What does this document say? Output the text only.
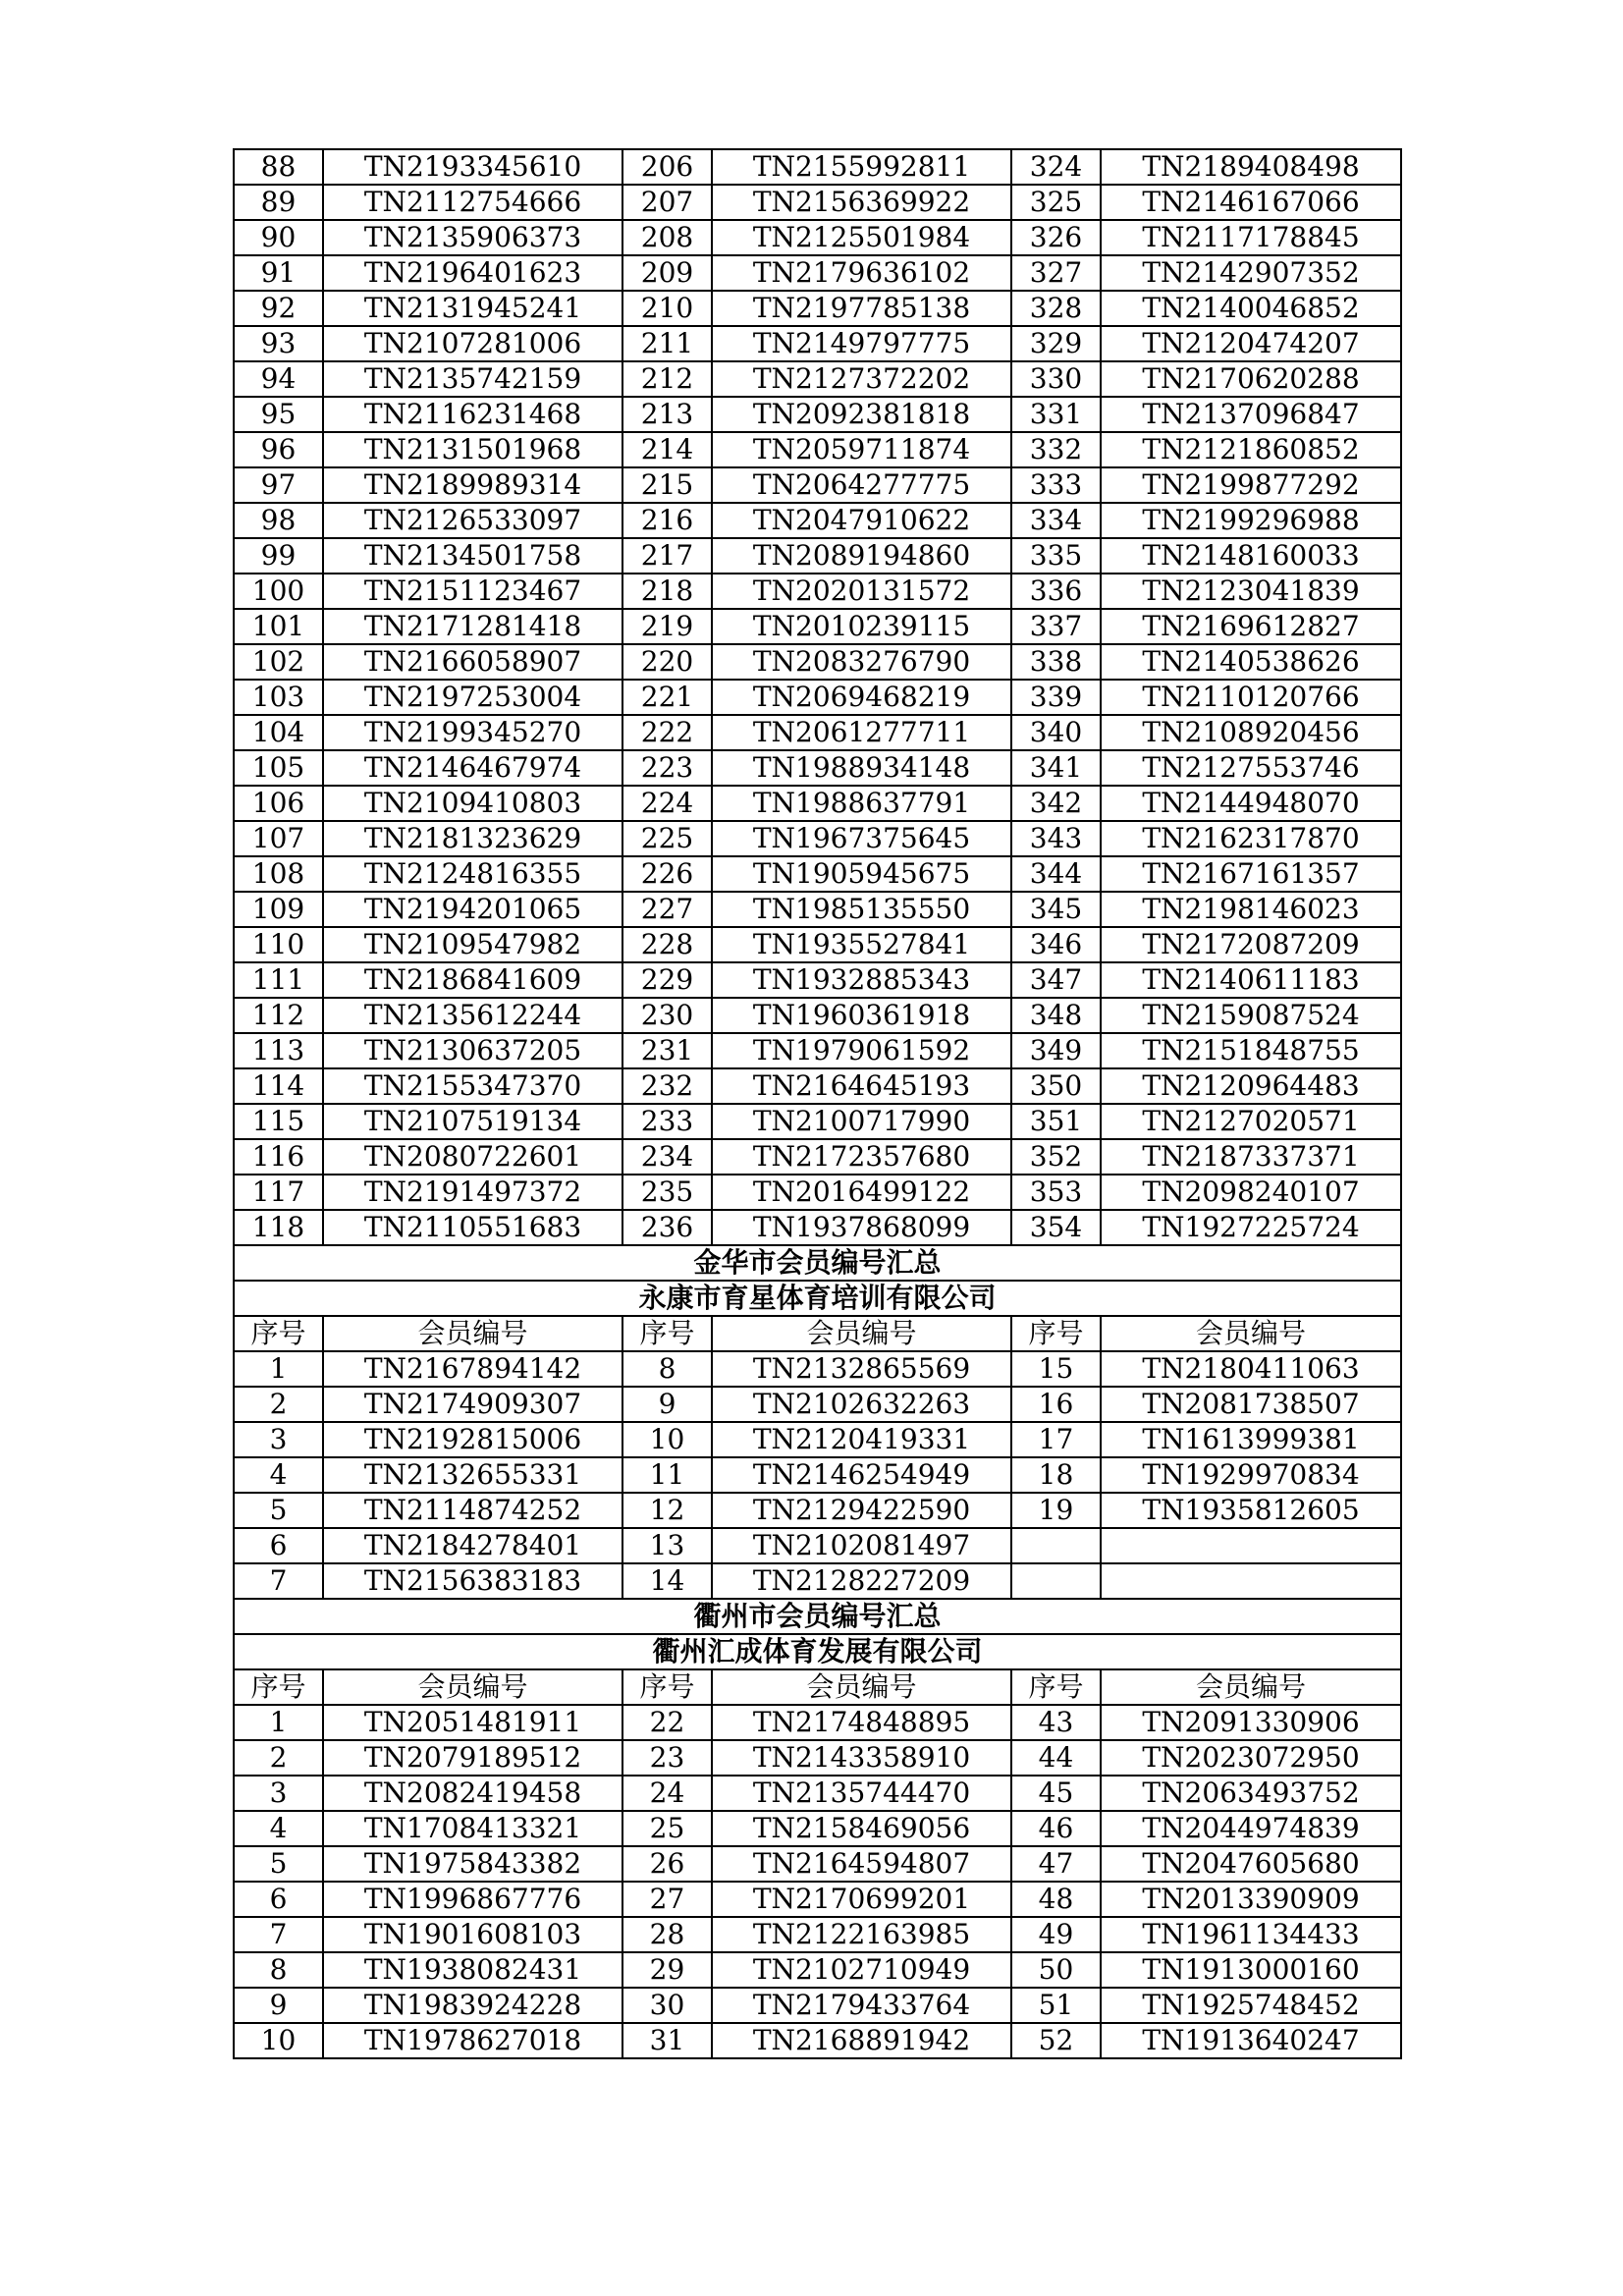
88	TN2193345610	206	TN2155992811	324	TN2189408498
89	TN2112754666	207	TN2156369922	325	TN2146167066
90	TN2135906373	208	TN2125501984	326	TN2117178845
91	TN2196401623	209	TN2179636102	327	TN2142907352
92	TN2131945241	210	TN2197785138	328	TN2140046852
93	TN2107281006	211	TN2149797775	329	TN2120474207
94	TN2135742159	212	TN2127372202	330	TN2170620288
95	TN2116231468	213	TN2092381818	331	TN2137096847
96	TN2131501968	214	TN2059711874	332	TN2121860852
97	TN2189989314	215	TN2064277775	333	TN2199877292
98	TN2126533097	216	TN2047910622	334	TN2199296988
99	TN2134501758	217	TN2089194860	335	TN2148160033
100	TN2151123467	218	TN2020131572	336	TN2123041839
101	TN2171281418	219	TN2010239115	337	TN2169612827
102	TN2166058907	220	TN2083276790	338	TN2140538626
103	TN2197253004	221	TN2069468219	339	TN2110120766
104	TN2199345270	222	TN2061277711	340	TN2108920456
105	TN2146467974	223	TN1988934148	341	TN2127553746
106	TN2109410803	224	TN1988637791	342	TN2144948070
107	TN2181323629	225	TN1967375645	343	TN2162317870
108	TN2124816355	226	TN1905945675	344	TN2167161357
109	TN2194201065	227	TN1985135550	345	TN2198146023
110	TN2109547982	228	TN1935527841	346	TN2172087209
111	TN2186841609	229	TN1932885343	347	TN2140611183
112	TN2135612244	230	TN1960361918	348	TN2159087524
113	TN2130637205	231	TN1979061592	349	TN2151848755
114	TN2155347370	232	TN2164645193	350	TN2120964483
115	TN2107519134	233	TN2100717990	351	TN2127020571
116	TN2080722601	234	TN2172357680	352	TN2187337371
117	TN2191497372	235	TN2016499122	353	TN2098240107
118	TN2110551683	236	TN1937868099	354	TN1927225724
金华市会员编号汇总					
永康市育星体育培训有限公司					
序号	会员编号	序号	会员编号	序号	会员编号
1	TN2167894142	8	TN2132865569	15	TN2180411063
2	TN2174909307	9	TN2102632263	16	TN2081738507
3	TN2192815006	10	TN2120419331	17	TN1613999381
4	TN2132655331	11	TN2146254949	18	TN1929970834
5	TN2114874252	12	TN2129422590	19	TN1935812605
6	TN2184278401	13	TN2102081497		
7	TN2156383183	14	TN2128227209		
衢州市会员编号汇总					
衢州汇成体育发展有限公司					
序号	会员编号	序号	会员编号	序号	会员编号
1	TN2051481911	22	TN2174848895	43	TN2091330906
2	TN2079189512	23	TN2143358910	44	TN2023072950
3	TN2082419458	24	TN2135744470	45	TN2063493752
4	TN1708413321	25	TN2158469056	46	TN2044974839
5	TN1975843382	26	TN2164594807	47	TN2047605680
6	TN1996867776	27	TN2170699201	48	TN2013390909
7	TN1901608103	28	TN2122163985	49	TN1961134433
8	TN1938082431	29	TN2102710949	50	TN1913000160
9	TN1983924228	30	TN2179433764	51	TN1925748452
10	TN1978627018	31	TN2168891942	52	TN1913640247
